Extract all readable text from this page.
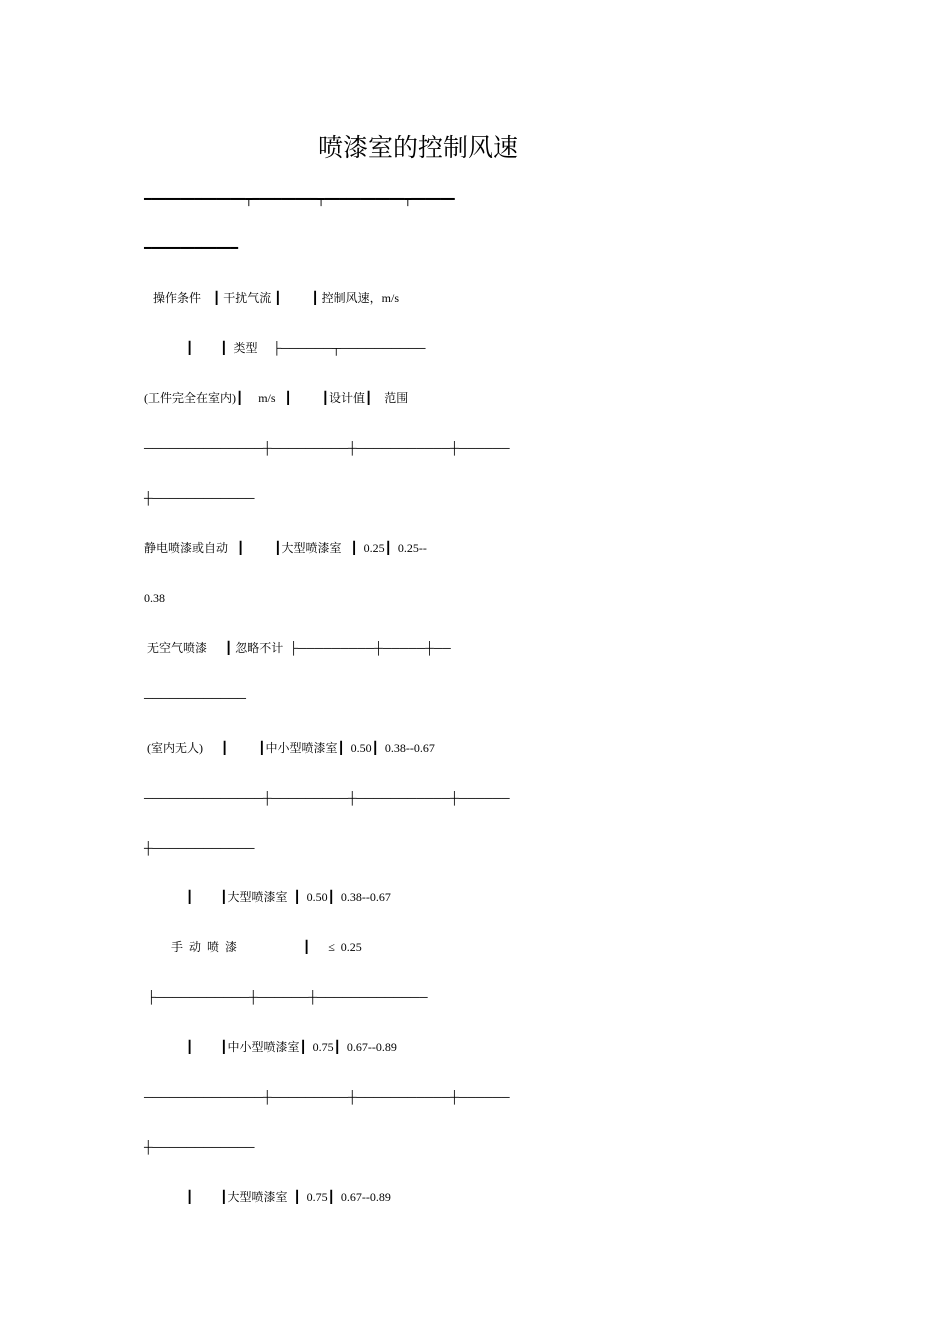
喷漆室的控制风速
━━━━━━━━━━━━━━┯━━━━━━━━━┯━━━━━━━━━━━┯━━━━━━
━━━━━━━━━━━━━
操作条件    ┃ 干扰气流 ┃          ┃ 控制风速，m/s
┃         ┃  类型     ├──────┬──────────
(工件完全在室内)┃     m/s   ┃          ┃设计值┃    范围
──────────────┼─────────┼───────────┼──────
┼────────────
静电喷漆或自动   ┃          ┃大型喷漆室   ┃  0.25┃  0.25--
0.38
无空气喷漆      ┃ 忽略不计  ├─────────┼─────┼──
────────────
(室内无人)      ┃          ┃中小型喷漆室┃  0.50┃  0.38--0.67
──────────────┼─────────┼───────────┼──────
┼────────────
┃         ┃大型喷漆室  ┃  0.50┃  0.38--0.67
手  动  喷  漆                      ┃      ≤  0.25
├───────────┼──────┼─────────────
┃         ┃中小型喷漆室┃  0.75┃  0.67--0.89
──────────────┼─────────┼───────────┼──────
┼────────────
┃         ┃大型喷漆室  ┃  0.75┃  0.67--0.89
